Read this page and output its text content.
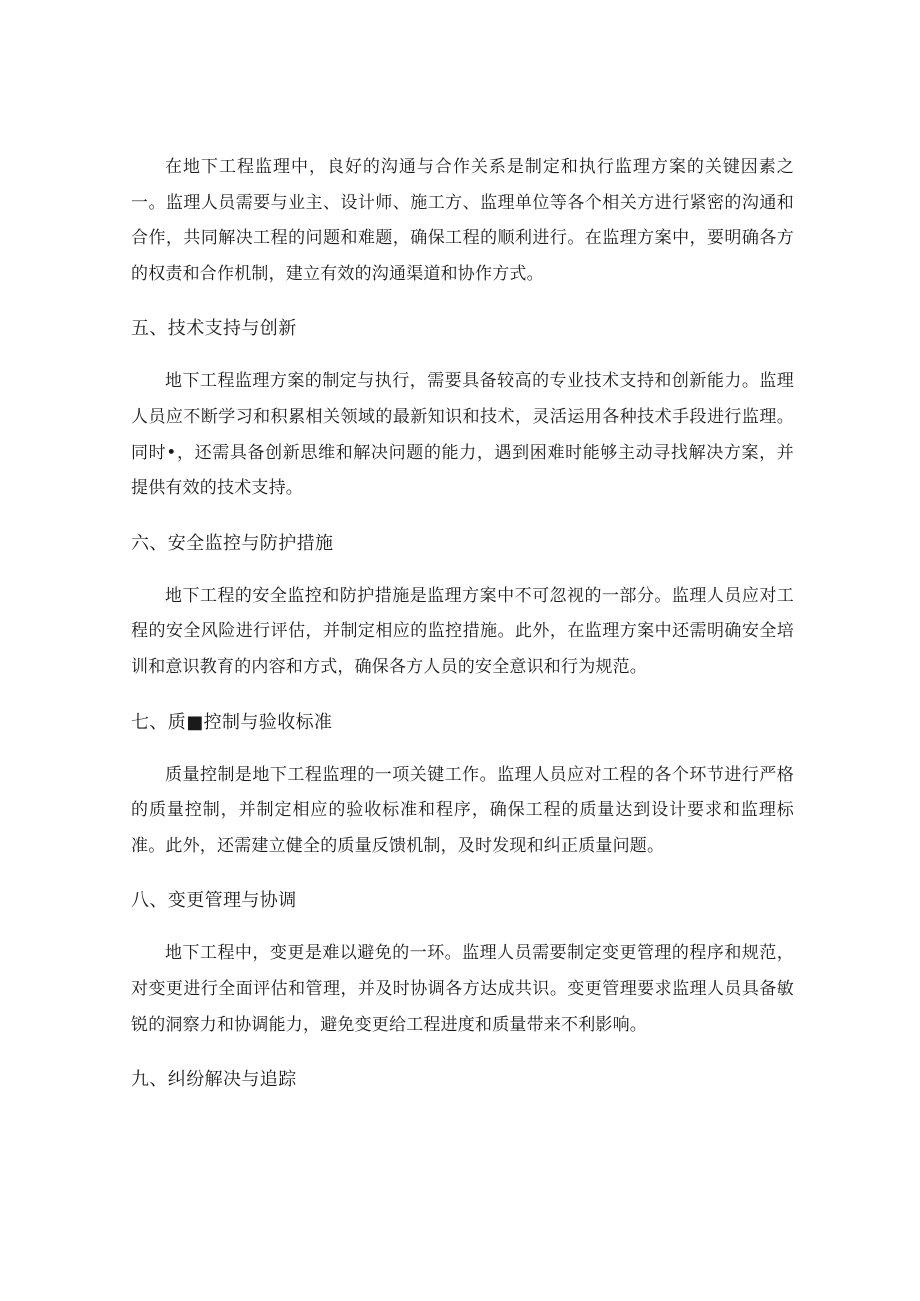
在地下工程监理中，良好的沟通与合作关系是制定和执行监理方案的关键因素之一。监理人员需要与业主、设计师、施工方、监理单位等各个相关方进行紧密的沟通和合作，共同解决工程的问题和难题，确保工程的顺利进行。在监理方案中，要明确各方的权责和合作机制，建立有效的沟通渠道和协作方式。

五、技术支持与创新

地下工程监理方案的制定与执行，需要具备较高的专业技术支持和创新能力。监理人员应不断学习和积累相关领域的最新知识和技术，灵活运用各种技术手段进行监理。同时•，还需具备创新思维和解决问题的能力，遇到困难时能够主动寻找解决方案，并提供有效的技术支持。

六、安全监控与防护措施

地下工程的安全监控和防护措施是监理方案中不可忽视的一部分。监理人员应对工程的安全风险进行评估，并制定相应的监控措施。此外，在监理方案中还需明确安全培训和意识教育的内容和方式，确保各方人员的安全意识和行为规范。

七、质■控制与验收标准

质量控制是地下工程监理的一项关键工作。监理人员应对工程的各个环节进行严格的质量控制，并制定相应的验收标准和程序，确保工程的质量达到设计要求和监理标准。此外，还需建立健全的质量反馈机制，及时发现和纠正质量问题。

八、变更管理与协调

地下工程中，变更是难以避免的一环。监理人员需要制定变更管理的程序和规范，对变更进行全面评估和管理，并及时协调各方达成共识。变更管理要求监理人员具备敏锐的洞察力和协调能力，避免变更给工程进度和质量带来不利影响。

九、纠纷解决与追踪
